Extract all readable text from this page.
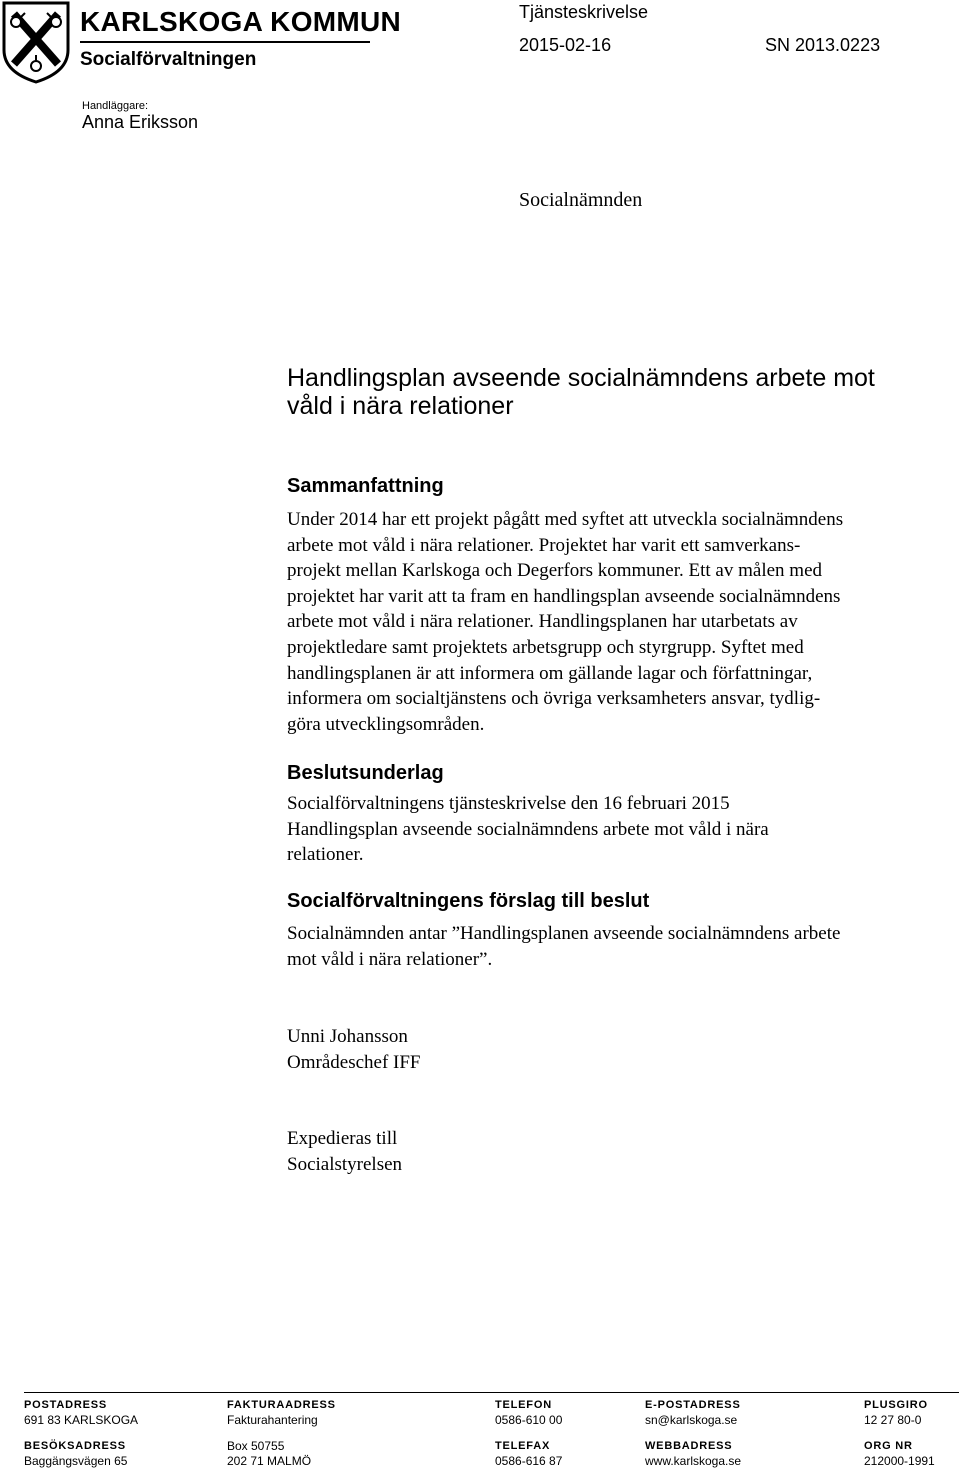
KARLSKOGA KOMMUN
Socialförvaltningen
Tjänsteskrivelse
2015-02-16	SN 2013.0223
Handläggare:
Anna Eriksson
Socialnämnden
Handlingsplan avseende socialnämndens arbete mot
våld i nära relationer
Sammanfattning
Under 2014 har ett projekt pågått med syftet att utveckla socialnämndens
arbete mot våld i nära relationer. Projektet har varit ett samverkans-
projekt mellan Karlskoga och Degerfors kommuner. Ett av målen med
projektet har varit att ta fram en handlingsplan avseende socialnämndens
arbete mot våld i nära relationer. Handlingsplanen har utarbetats av
projektledare samt projektets arbetsgrupp och styrgrupp. Syftet med
handlingsplanen är att informera om gällande lagar och författningar,
informera om socialtjänstens och övriga verksamheters ansvar, tydlig-
göra utvecklingsområden.
Beslutsunderlag
Socialförvaltningens tjänsteskrivelse den 16 februari 2015
Handlingsplan avseende socialnämndens arbete mot våld i nära
relationer.
Socialförvaltningens förslag till beslut
Socialnämnden antar ”Handlingsplanen avseende socialnämndens arbete
mot våld i nära relationer”.
Unni Johansson
Områdeschef IFF
Expedieras till
Socialstyrelsen
POSTADRESS
691 83 KARLSKOGA
BESÖKSADRESS
Baggängsvägen 65
FAKTURAADRESS
Fakturahantering
Box 50755
202 71 MALMÖ
TELEFON
0586-610 00
TELEFAX
0586-616 87
E-POSTADRESS
sn@karlskoga.se
WEBBADRESS
www.karlskoga.se
PLUSGIRO
12 27 80-0
ORG NR
212000-1991
